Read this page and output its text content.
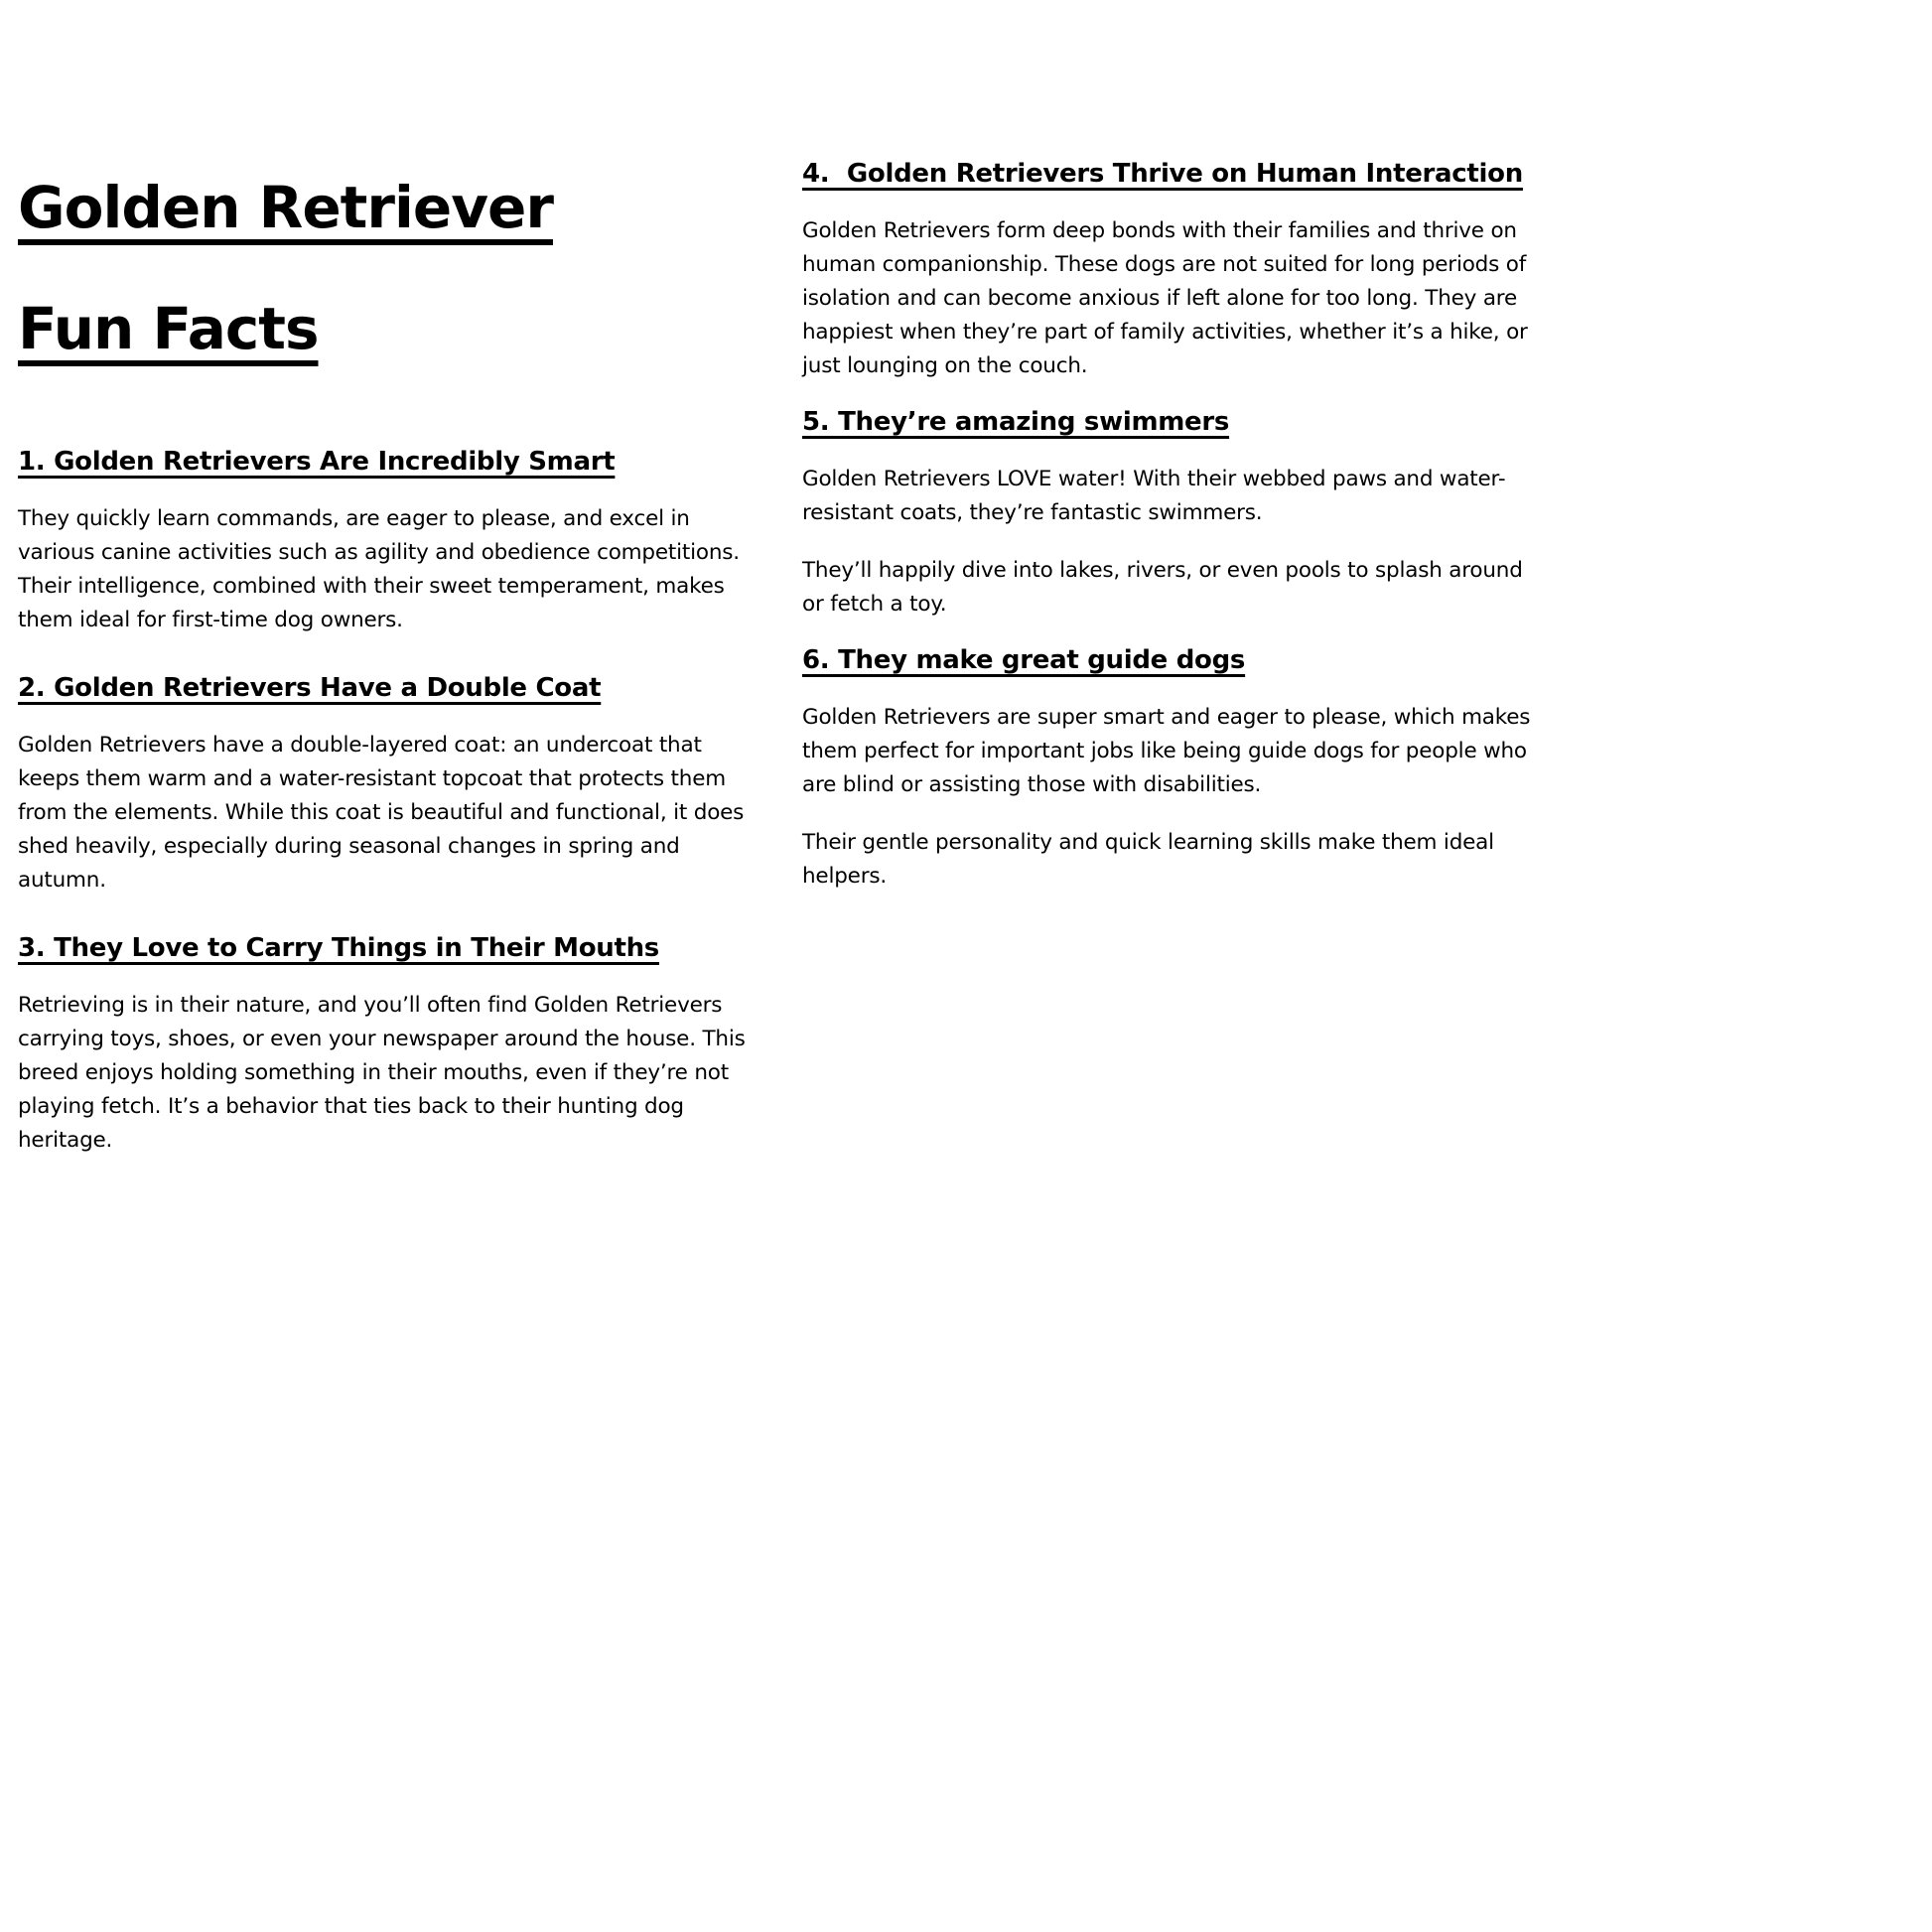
Golden Retriever
Fun Facts
1. Golden Retrievers Are Incredibly Smart

They quickly learn commands, are eager to please, and excel in various canine activities such as agility and obedience competitions. Their intelligence, combined with their sweet temperament, makes them ideal for first-time dog owners.

2. Golden Retrievers Have a Double Coat

Golden Retrievers have a double-layered coat: an undercoat that keeps them warm and a water-resistant topcoat that protects them from the elements. While this coat is beautiful and functional, it does shed heavily, especially during seasonal changes in spring and autumn.

3. They Love to Carry Things in Their Mouths

Retrieving is in their nature, and you’ll often find Golden Retrievers carrying toys, shoes, or even your newspaper around the house. This breed enjoys holding something in their mouths, even if they’re not playing fetch. It’s a behavior that ties back to their hunting dog heritage.

4.  Golden Retrievers Thrive on Human Interaction

Golden Retrievers form deep bonds with their families and thrive on human companionship. These dogs are not suited for long periods of isolation and can become anxious if left alone for too long. They are happiest when they’re part of family activities, whether it’s a hike, or just lounging on the couch.

5. They’re amazing swimmers

Golden Retrievers LOVE water! With their webbed paws and water-resistant coats, they’re fantastic swimmers.

They’ll happily dive into lakes, rivers, or even pools to splash around or fetch a toy.

6. They make great guide dogs

Golden Retrievers are super smart and eager to please, which makes them perfect for important jobs like being guide dogs for people who are blind or assisting those with disabilities.

Their gentle personality and quick learning skills make them ideal helpers.
